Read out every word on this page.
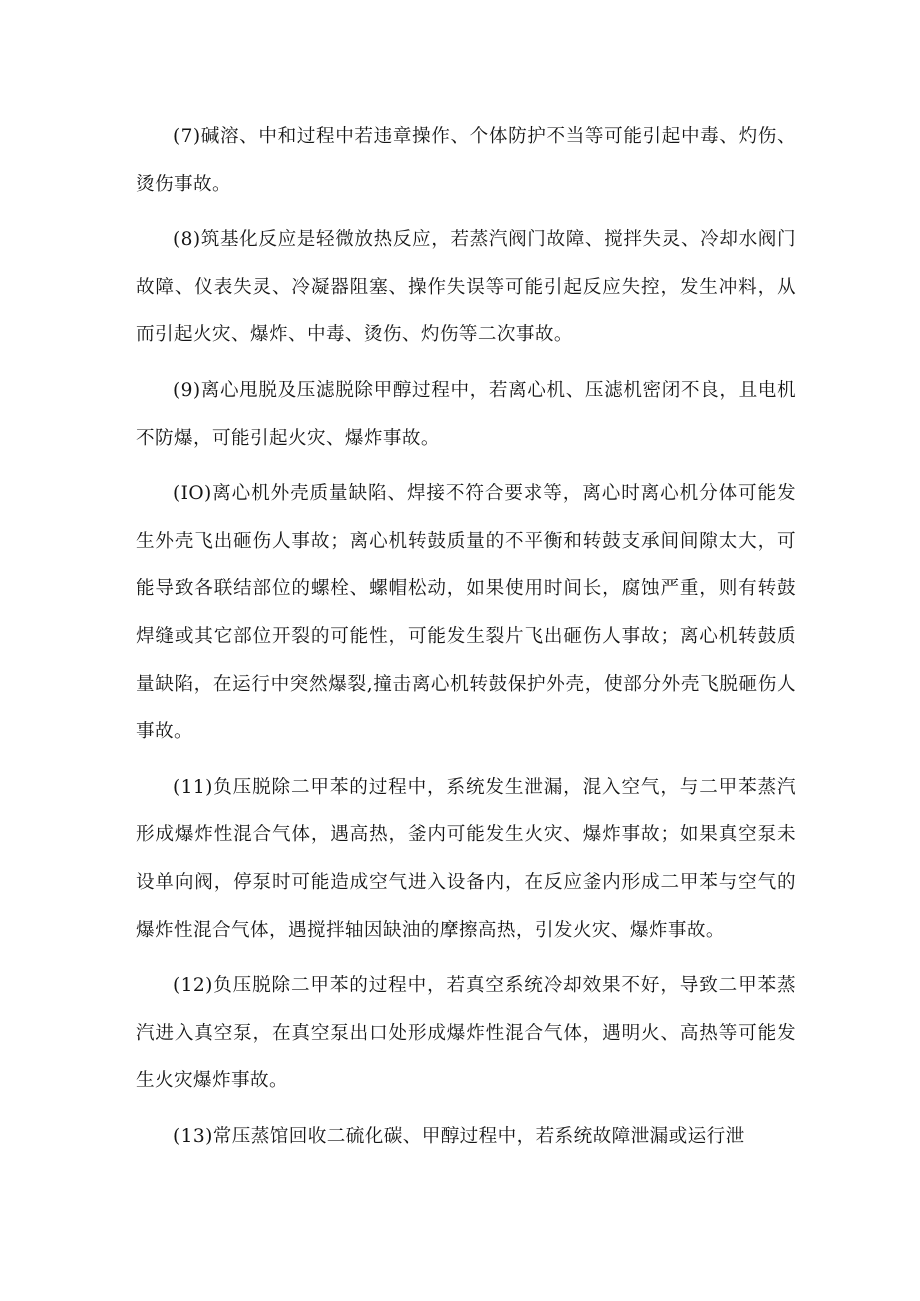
(7)碱溶、中和过程中若违章操作、个体防护不当等可能引起中毒、灼伤、烫伤事故。

(8)筑基化反应是轻微放热反应，若蒸汽阀门故障、搅拌失灵、冷却水阀门故障、仪表失灵、冷凝器阻塞、操作失误等可能引起反应失控，发生冲料，从而引起火灾、爆炸、中毒、烫伤、灼伤等二次事故。

(9)离心甩脱及压滤脱除甲醇过程中，若离心机、压滤机密闭不良，且电机不防爆，可能引起火灾、爆炸事故。

(IO)离心机外壳质量缺陷、焊接不符合要求等，离心时离心机分体可能发生外壳飞出砸伤人事故；离心机转鼓质量的不平衡和转鼓支承间间隙太大，可能导致各联结部位的螺栓、螺帽松动，如果使用时间长，腐蚀严重，则有转鼓焊缝或其它部位开裂的可能性，可能发生裂片飞出砸伤人事故；离心机转鼓质量缺陷，在运行中突然爆裂,撞击离心机转鼓保护外壳，使部分外壳飞脱砸伤人事故。

(11)负压脱除二甲苯的过程中，系统发生泄漏，混入空气，与二甲苯蒸汽形成爆炸性混合气体，遇高热，釜内可能发生火灾、爆炸事故；如果真空泵未设单向阀，停泵时可能造成空气进入设备内，在反应釜内形成二甲苯与空气的爆炸性混合气体，遇搅拌轴因缺油的摩擦高热，引发火灾、爆炸事故。

(12)负压脱除二甲苯的过程中，若真空系统冷却效果不好，导致二甲苯蒸汽进入真空泵，在真空泵出口处形成爆炸性混合气体，遇明火、高热等可能发生火灾爆炸事故。

(13)常压蒸馆回收二硫化碳、甲醇过程中，若系统故障泄漏或运行泄
